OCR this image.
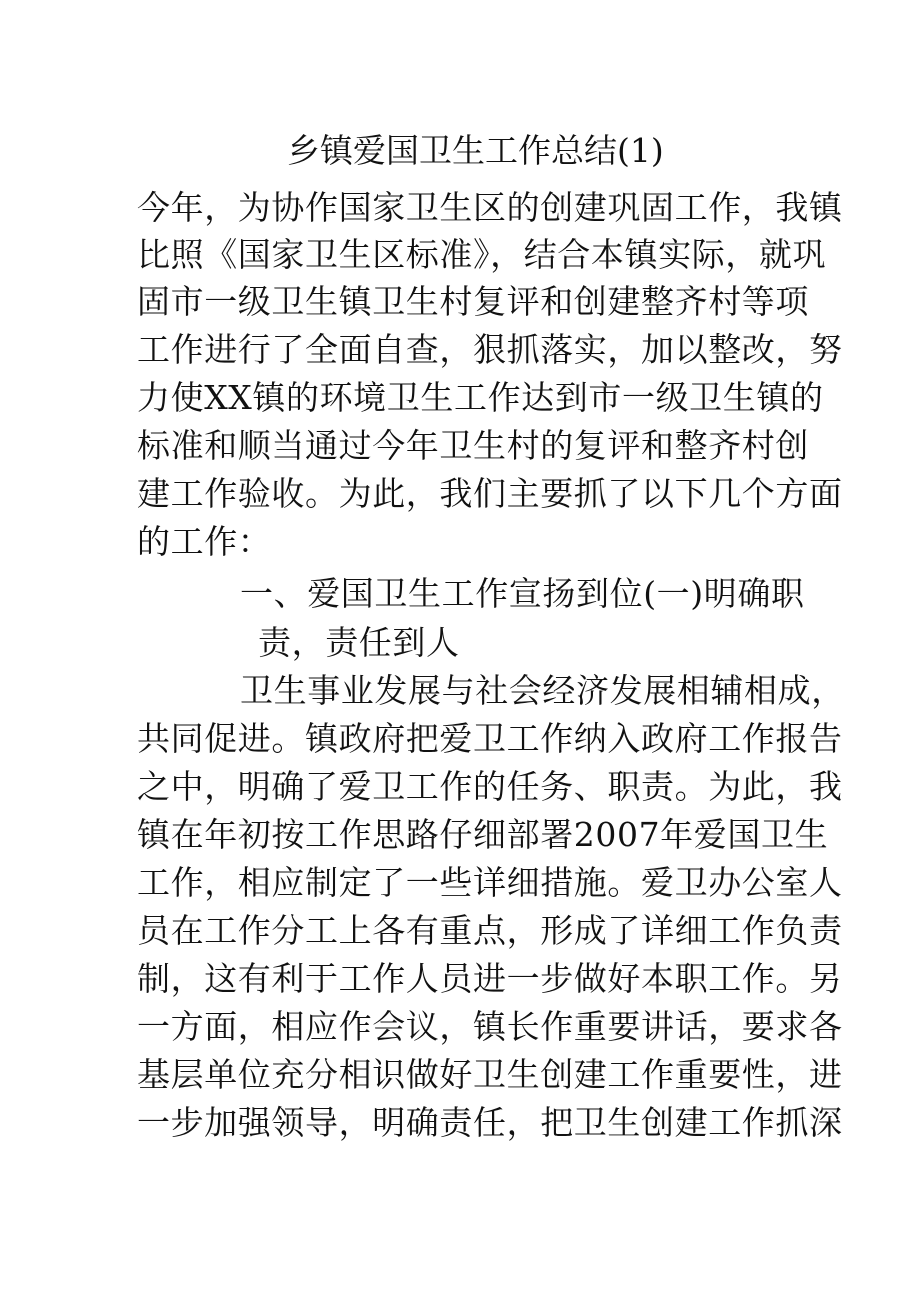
乡镇爱国卫生工作总结(1)
今年，为协作国家卫生区的创建巩固工作，我镇
比照《国家卫生区标准》，结合本镇实际，就巩
固市一级卫生镇卫生村复评和创建整齐村等项
工作进行了全面自查，狠抓落实，加以整改，努
力使XX镇的环境卫生工作达到市一级卫生镇的
标准和顺当通过今年卫生村的复评和整齐村创
建工作验收。为此，我们主要抓了以下几个方面
的工作：
一、爱国卫生工作宣扬到位(一)明确职
责，责任到人
卫生事业发展与社会经济发展相辅相成，
共同促进。镇政府把爱卫工作纳入政府工作报告
之中，明确了爱卫工作的任务、职责。为此，我
镇在年初按工作思路仔细部署2007年爱国卫生
工作，相应制定了一些详细措施。爱卫办公室人
员在工作分工上各有重点，形成了详细工作负责
制，这有利于工作人员进一步做好本职工作。另
一方面，相应作会议，镇长作重要讲话，要求各
基层单位充分相识做好卫生创建工作重要性，进
一步加强领导，明确责任，把卫生创建工作抓深
